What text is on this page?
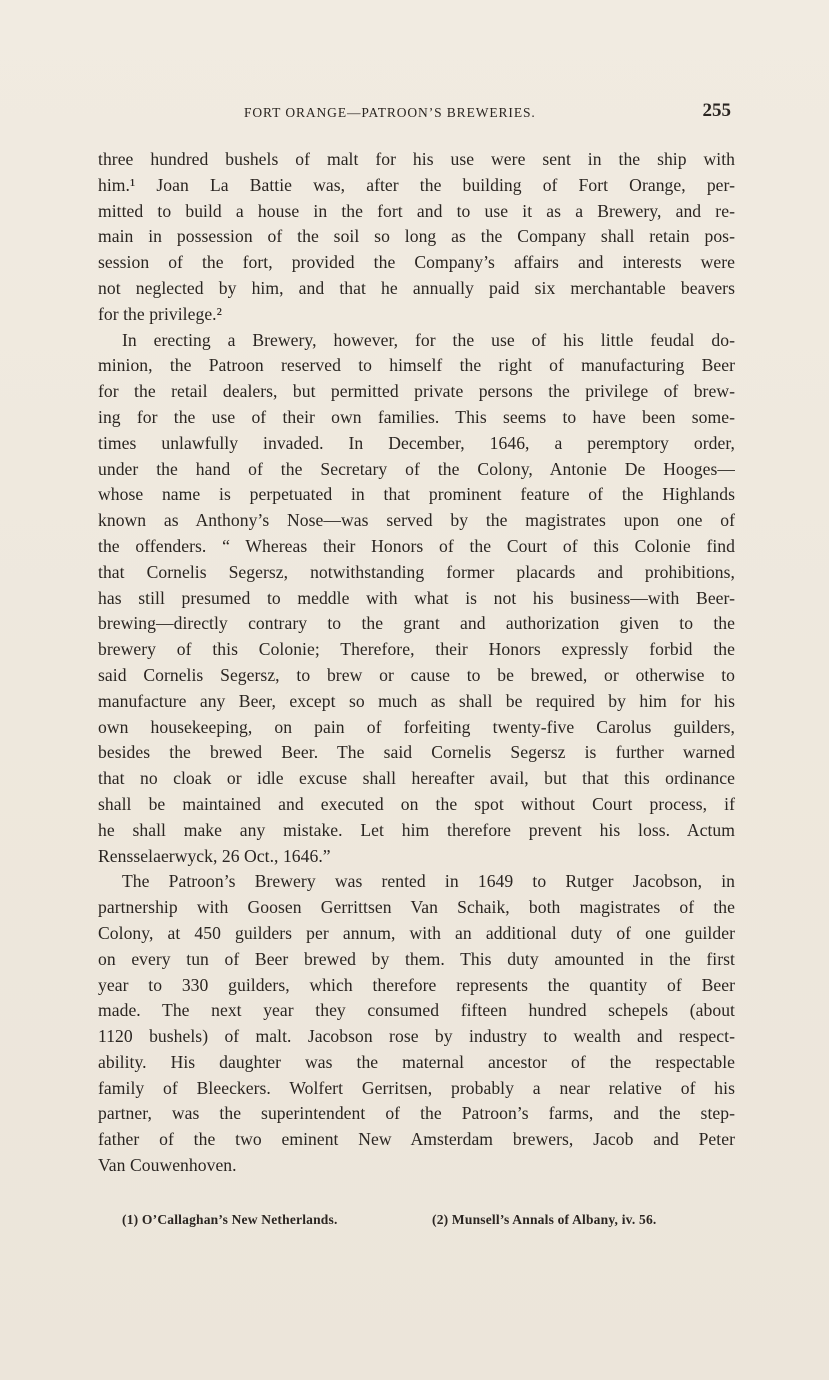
FORT ORANGE—PATROON’S BREWERIES.	255
three hundred bushels of malt for his use were sent in the ship with
him.¹ Joan La Battie was, after the building of Fort Orange, per-
mitted to build a house in the fort and to use it as a Brewery, and re-
main in possession of the soil so long as the Company shall retain pos-
session of the fort, provided the Company’s affairs and interests were
not neglected by him, and that he annually paid six merchantable beavers
for the privilege.²
In erecting a Brewery, however, for the use of his little feudal do-
minion, the Patroon reserved to himself the right of manufacturing Beer
for the retail dealers, but permitted private persons the privilege of brew-
ing for the use of their own families. This seems to have been some-
times unlawfully invaded. In December, 1646, a peremptory order,
under the hand of the Secretary of the Colony, Antonie De Hooges—
whose name is perpetuated in that prominent feature of the Highlands
known as Anthony’s Nose—was served by the magistrates upon one of
the offenders. “ Whereas their Honors of the Court of this Colonie find
that Cornelis Segersz, notwithstanding former placards and prohibitions,
has still presumed to meddle with what is not his business—with Beer-
brewing—directly contrary to the grant and authorization given to the
brewery of this Colonie; Therefore, their Honors expressly forbid the
said Cornelis Segersz, to brew or cause to be brewed, or otherwise to
manufacture any Beer, except so much as shall be required by him for his
own housekeeping, on pain of forfeiting twenty-five Carolus guilders,
besides the brewed Beer. The said Cornelis Segersz is further warned
that no cloak or idle excuse shall hereafter avail, but that this ordinance
shall be maintained and executed on the spot without Court process, if
he shall make any mistake. Let him therefore prevent his loss. Actum
Rensselaerwyck, 26 Oct., 1646.”
The Patroon’s Brewery was rented in 1649 to Rutger Jacobson, in
partnership with Goosen Gerrittsen Van Schaik, both magistrates of the
Colony, at 450 guilders per annum, with an additional duty of one guilder
on every tun of Beer brewed by them. This duty amounted in the first
year to 330 guilders, which therefore represents the quantity of Beer
made. The next year they consumed fifteen hundred schepels (about
1120 bushels) of malt. Jacobson rose by industry to wealth and respect-
ability. His daughter was the maternal ancestor of the respectable
family of Bleeckers. Wolfert Gerritsen, probably a near relative of his
partner, was the superintendent of the Patroon’s farms, and the step-
father of the two eminent New Amsterdam brewers, Jacob and Peter
Van Couwenhoven.
(1) O’Callaghan’s New Netherlands.	(2) Munsell’s Annals of Albany, iv. 56.
